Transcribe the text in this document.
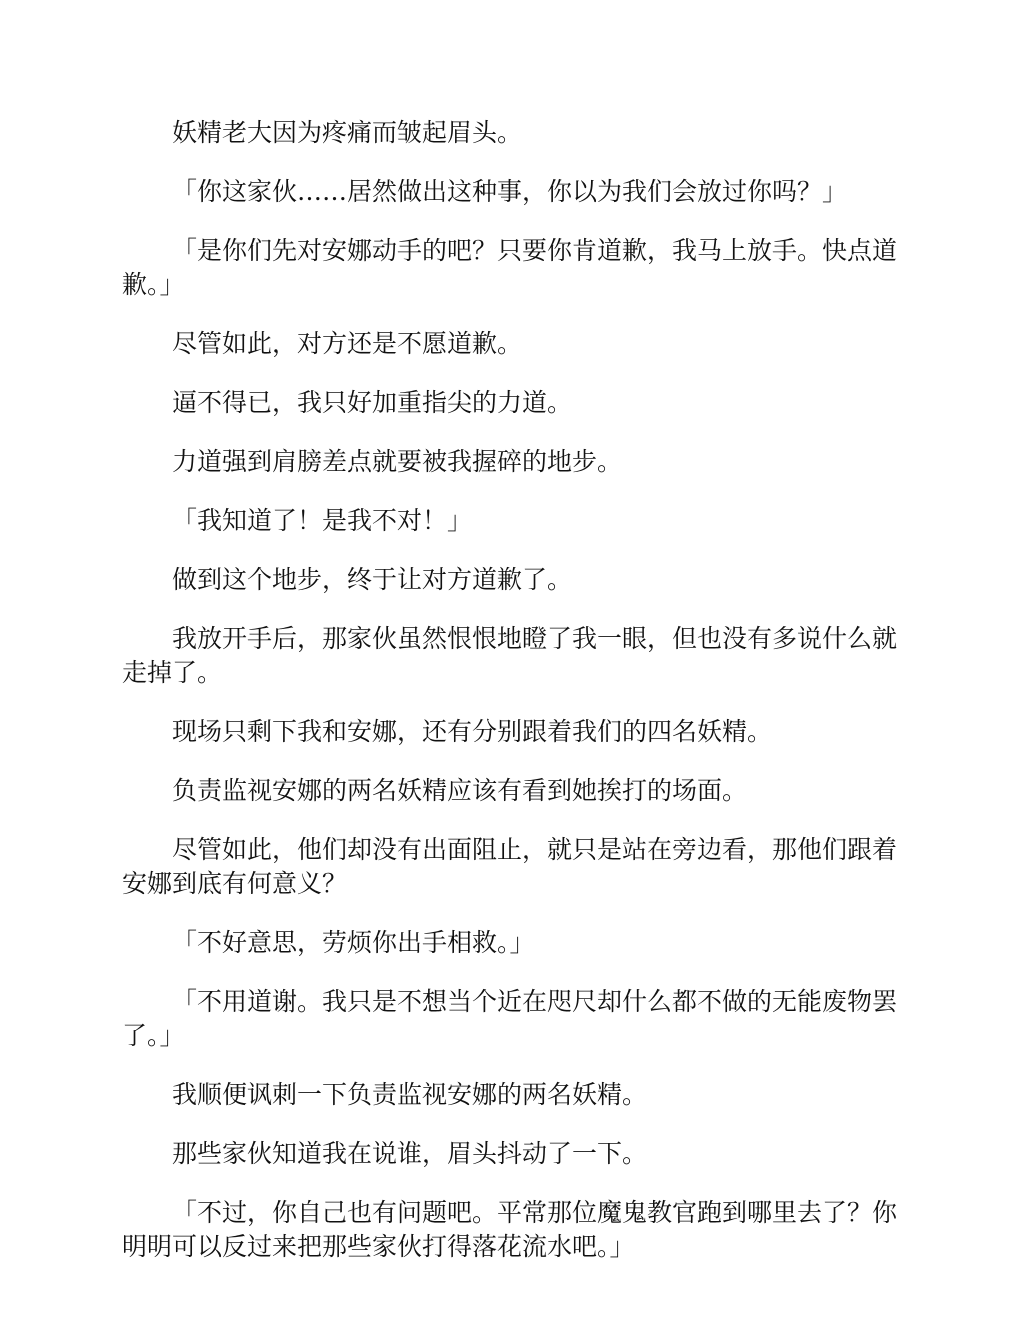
妖精老大因为疼痛而皱起眉头。

「你这家伙……居然做出这种事，你以为我们会放过你吗？」

「是你们先对安娜动手的吧？只要你肯道歉，我马上放手。快点道歉。」

尽管如此，对方还是不愿道歉。

逼不得已，我只好加重指尖的力道。

力道强到肩膀差点就要被我握碎的地步。

「我知道了！是我不对！」

做到这个地步，终于让对方道歉了。

我放开手后，那家伙虽然恨恨地瞪了我一眼，但也没有多说什么就走掉了。

现场只剩下我和安娜，还有分别跟着我们的四名妖精。

负责监视安娜的两名妖精应该有看到她挨打的场面。

尽管如此，他们却没有出面阻止，就只是站在旁边看，那他们跟着安娜到底有何意义？

「不好意思，劳烦你出手相救。」

「不用道谢。我只是不想当个近在咫尺却什么都不做的无能废物罢了。」

我顺便讽刺一下负责监视安娜的两名妖精。

那些家伙知道我在说谁，眉头抖动了一下。

「不过，你自己也有问题吧。平常那位魔鬼教官跑到哪里去了？你明明可以反过来把那些家伙打得落花流水吧。」
